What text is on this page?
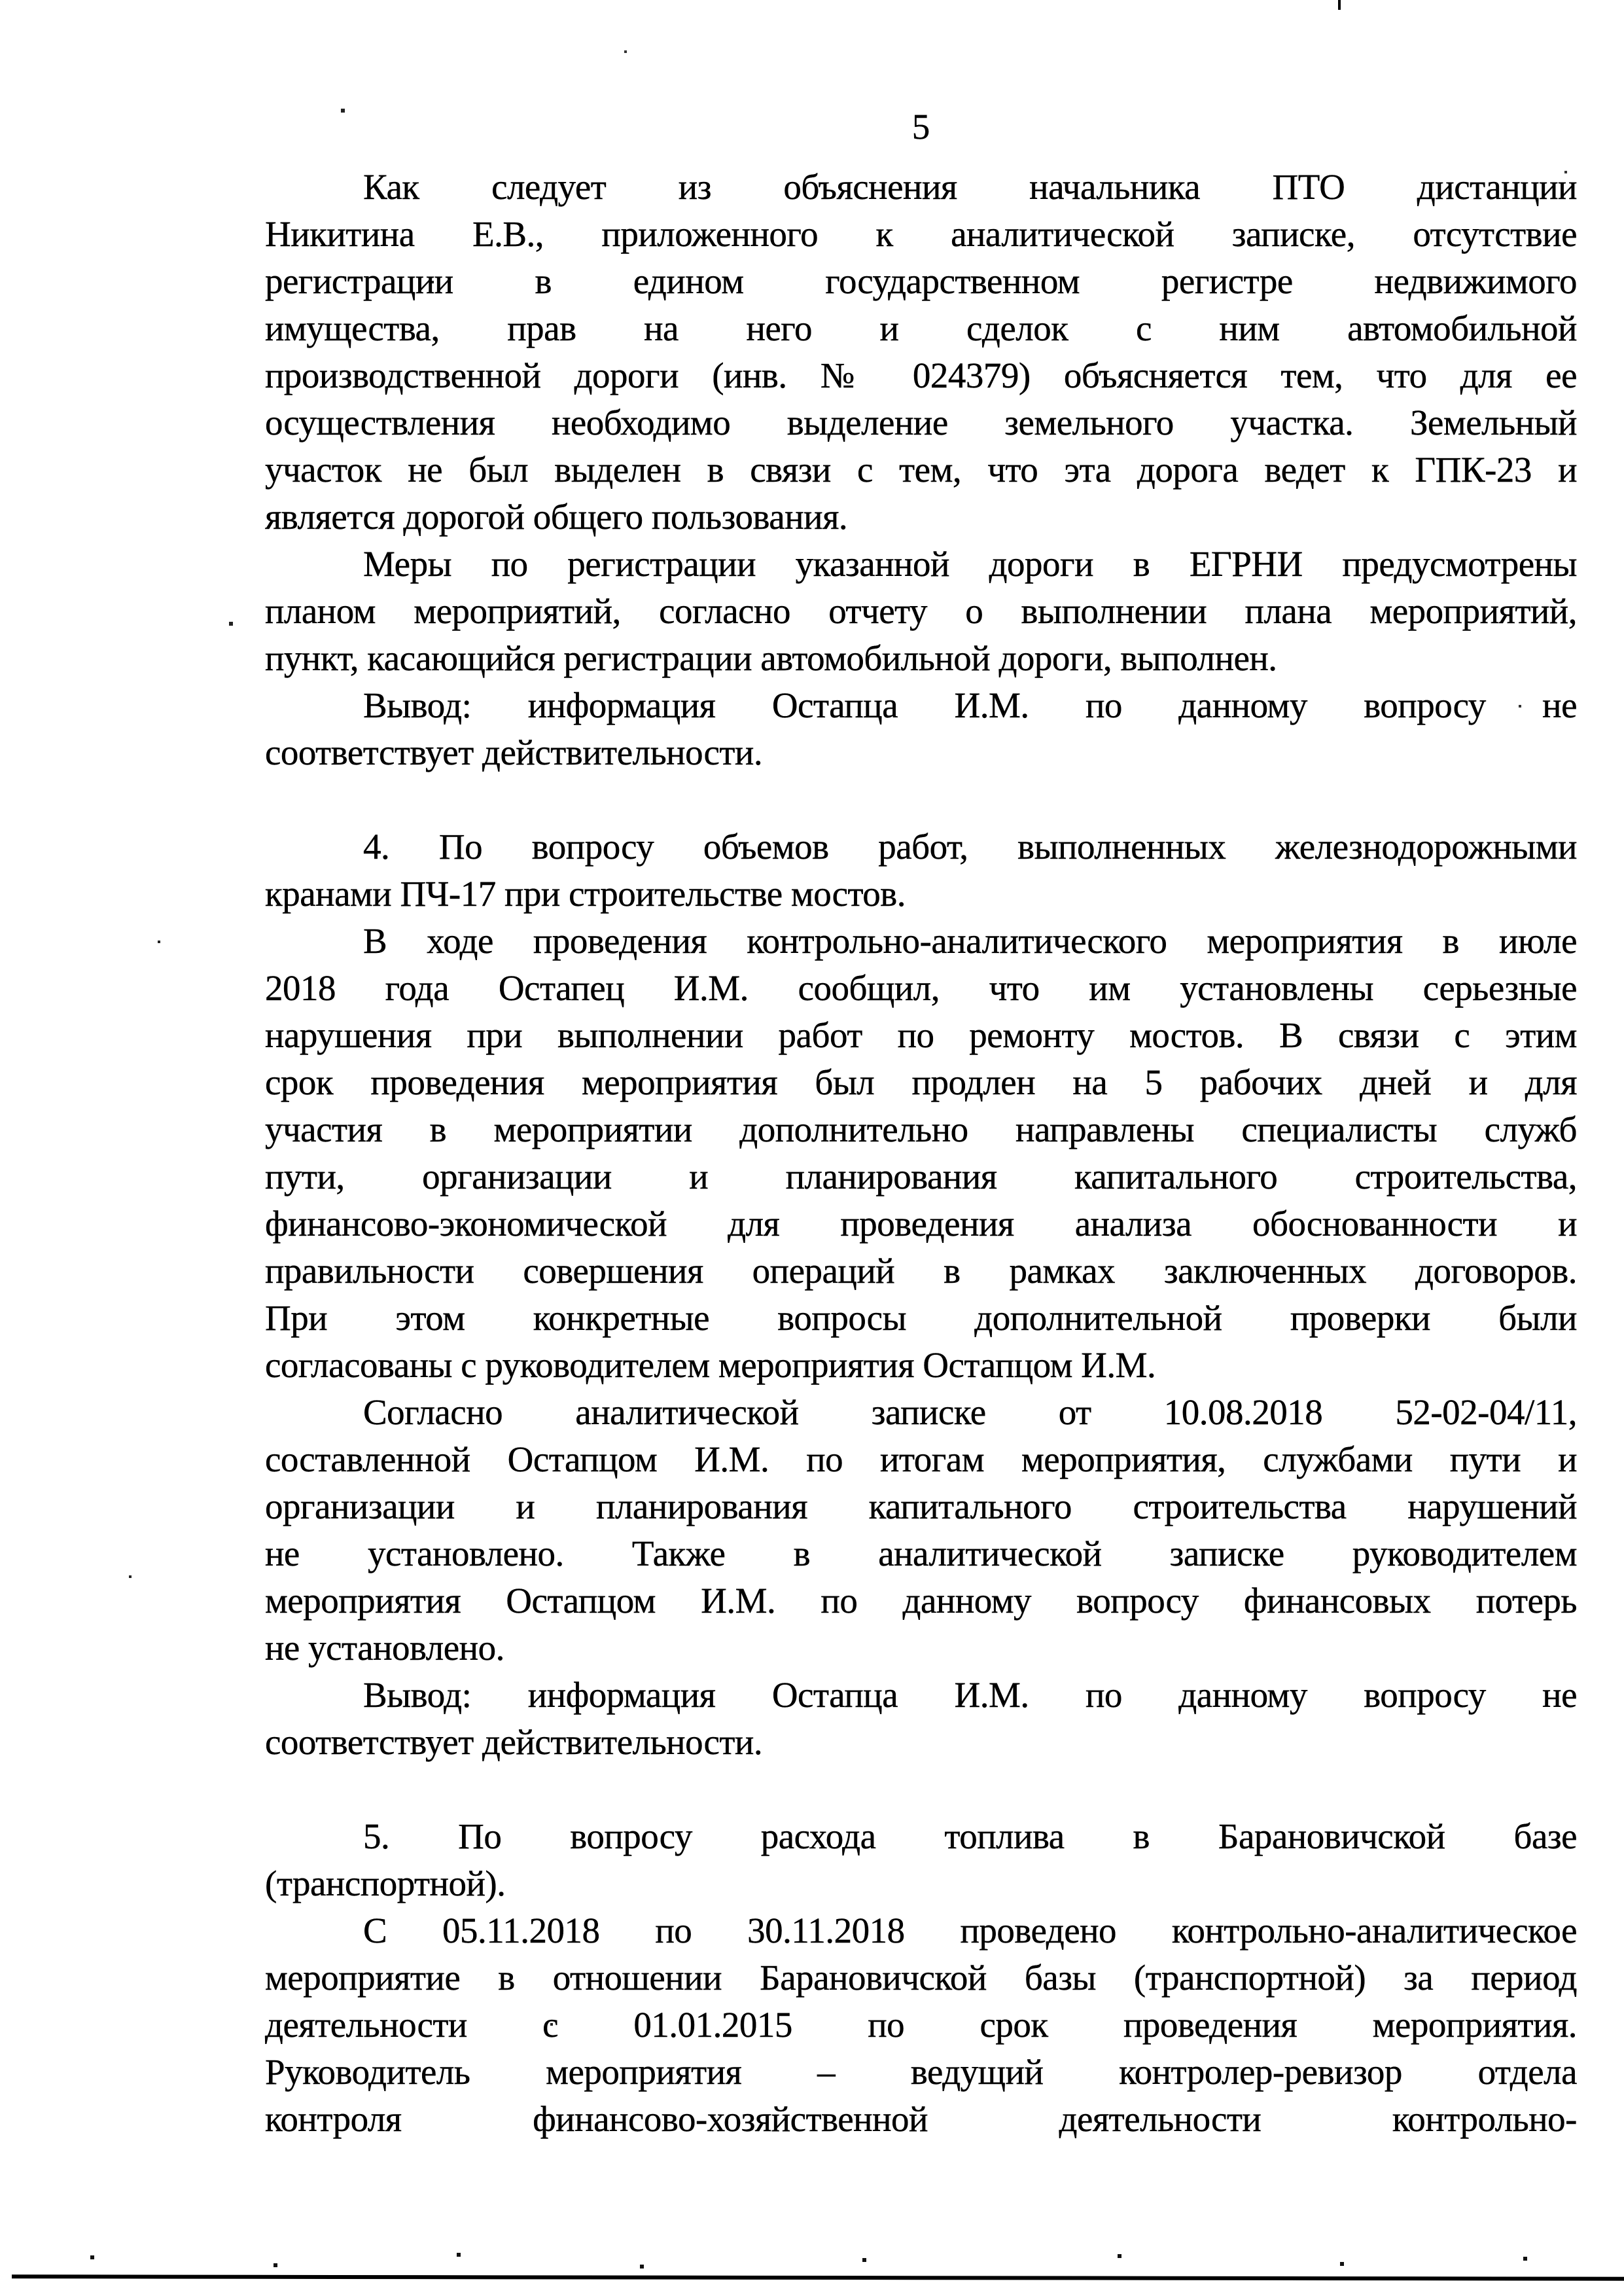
5
Как следует из объяснения начальника ПТО дистанции
Никитина Е.В., приложенного к аналитической записке, отсутствие
регистрации в едином государственном регистре недвижимого
имущества, прав на него и сделок с ним автомобильной
производственной дороги (инв. № 024379) объясняется тем, что для ее
осуществления необходимо выделение земельного участка. Земельный
участок не был выделен в связи с тем, что эта дорога ведет к ГПК-23 и
является дорогой общего пользования.
Меры по регистрации указанной дороги в ЕГРНИ предусмотрены
планом мероприятий, согласно отчету о выполнении плана мероприятий,
пункт, касающийся регистрации автомобильной дороги, выполнен.
Вывод: информация Остапца И.М. по данному вопросу не
соответствует действительности.
4. По вопросу объемов работ, выполненных железнодорожными
кранами ПЧ-17 при строительстве мостов.
В ходе проведения контрольно-аналитического мероприятия в июле
2018 года Остапец И.М. сообщил, что им установлены серьезные
нарушения при выполнении работ по ремонту мостов. В связи с этим
срок проведения мероприятия был продлен на 5 рабочих дней и для
участия в мероприятии дополнительно направлены специалисты служб
пути, организации и планирования капитального строительства,
финансово-экономической для проведения анализа обоснованности и
правильности совершения операций в рамках заключенных договоров.
При этом конкретные вопросы дополнительной проверки были
согласованы с руководителем мероприятия Остапцом И.М.
Согласно аналитической записке от 10.08.2018 52-02-04/11,
составленной Остапцом И.М. по итогам мероприятия, службами пути и
организации и планирования капитального строительства нарушений
не установлено. Также в аналитической записке руководителем
мероприятия Остапцом И.М. по данному вопросу финансовых потерь
не установлено.
Вывод: информация Остапца И.М. по данному вопросу не
соответствует действительности.
5. По вопросу расхода топлива в Барановичской базе
(транспортной).
С 05.11.2018 по 30.11.2018 проведено контрольно-аналитическое
мероприятие в отношении Барановичской базы (транспортной) за период
деятельности с 01.01.2015 по срок проведения мероприятия.
Руководитель мероприятия – ведущий контролер-ревизор отдела
контроля финансово-хозяйственной деятельности контрольно-
